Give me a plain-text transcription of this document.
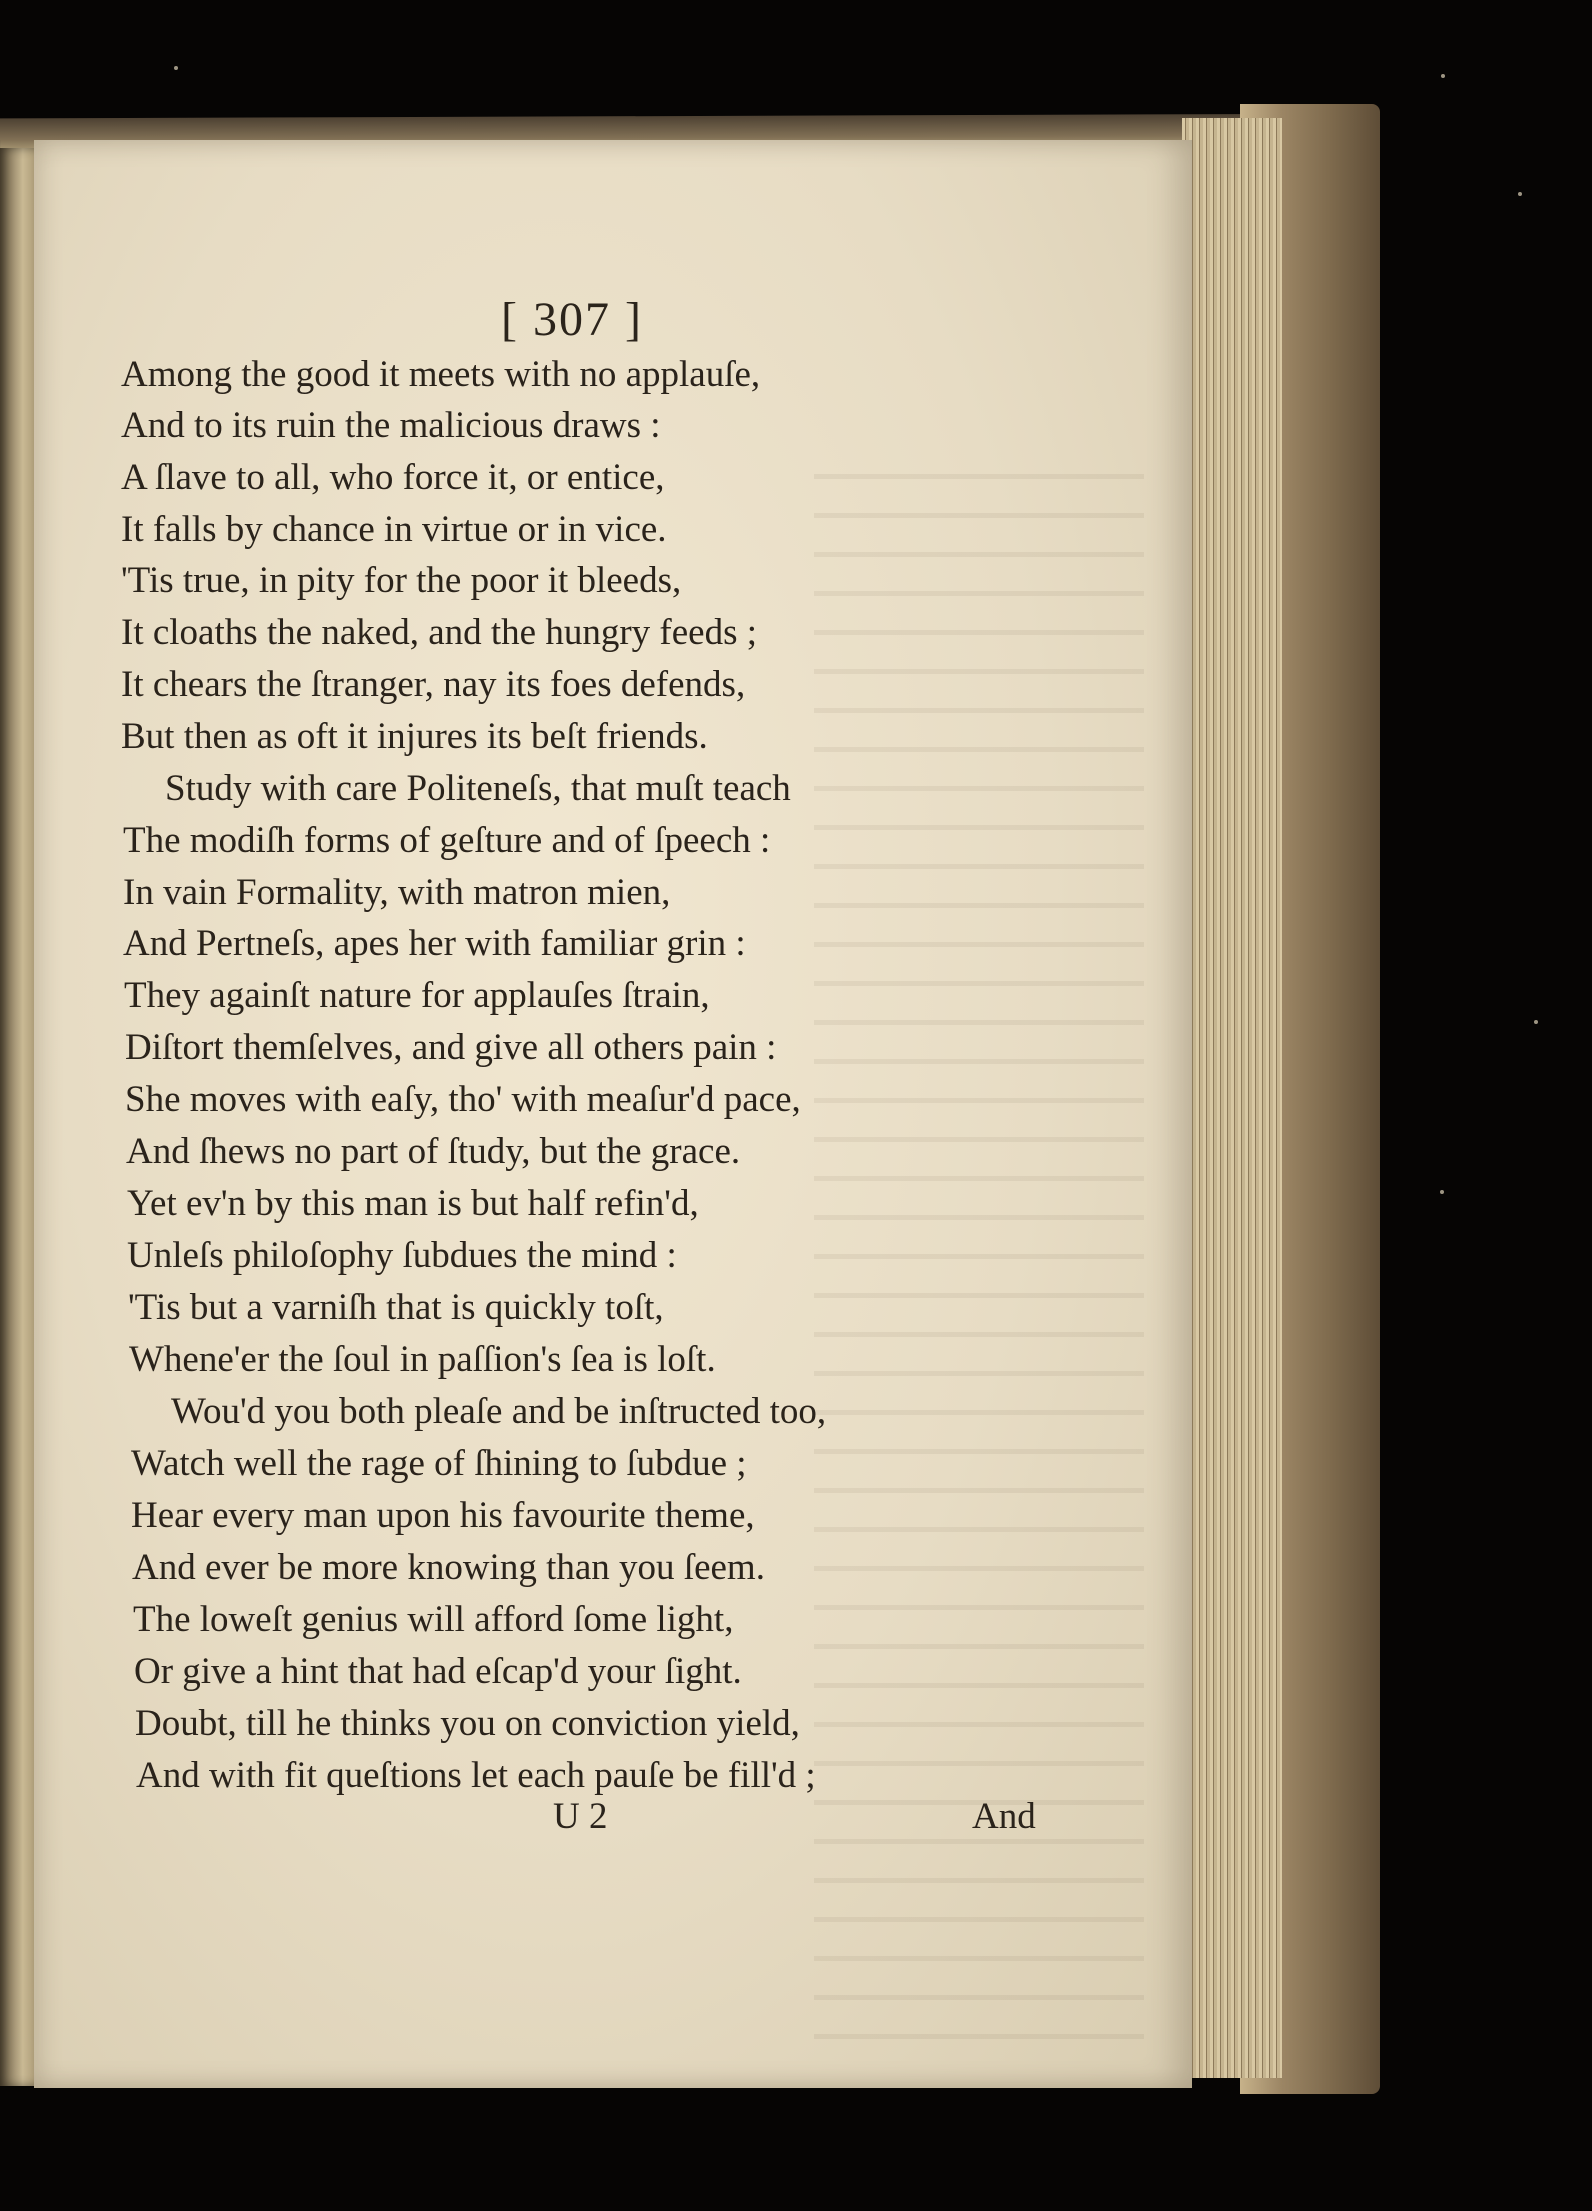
[ 307 ]
Among the good it meets with no applauſe,
And to its ruin the malicious draws :
A ſlave to all, who force it, or entice,
It falls by chance in virtue or in vice.
'Tis true, in pity for the poor it bleeds,
It cloaths the naked, and the hungry feeds ;
It chears the ſtranger, nay its foes defends,
But then as oft it injures its beſt friends.
Study with care Politeneſs, that muſt teach
The modiſh forms of geſture and of ſpeech :
In vain Formality, with matron mien,
And Pertneſs, apes her with familiar grin :
They againſt nature for applauſes ſtrain,
Diſtort themſelves, and give all others pain :
She moves with eaſy, tho' with meaſur'd pace,
And ſhews no part of ſtudy, but the grace.
Yet ev'n by this man is but half refin'd,
Unleſs philoſophy ſubdues the mind :
'Tis but a varniſh that is quickly toſt,
Whene'er the ſoul in paſſion's ſea is loſt.
Wou'd you both pleaſe and be inſtructed too,
Watch well the rage of ſhining to ſubdue ;
Hear every man upon his favourite theme,
And ever be more knowing than you ſeem.
The loweſt genius will afford ſome light,
Or give a hint that had eſcap'd your ſight.
Doubt, till he thinks you on conviction yield,
And with fit queſtions let each pauſe be fill'd ;
U 2	And
